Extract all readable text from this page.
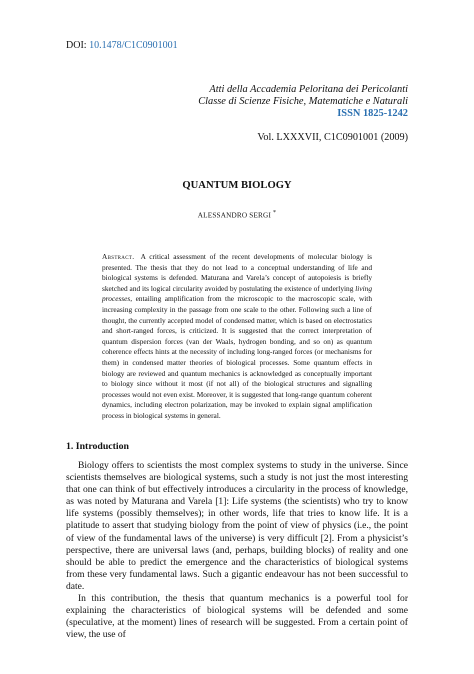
DOI: 10.1478/C1C0901001
Atti della Accademia Peloritana dei Pericolanti
Classe di Scienze Fisiche, Matematiche e Naturali
ISSN 1825-1242
Vol. LXXXVII, C1C0901001 (2009)
QUANTUM BIOLOGY
ALESSANDRO SERGI *
Abstract. A critical assessment of the recent developments of molecular biology is presented. The thesis that they do not lead to a conceptual understanding of life and biological systems is defended. Maturana and Varela’s concept of autopoiesis is briefly sketched and its logical circularity avoided by postulating the existence of underlying living processes, entailing amplification from the microscopic to the macroscopic scale, with increasing complexity in the passage from one scale to the other. Following such a line of thought, the currently accepted model of condensed matter, which is based on electrostatics and short-ranged forces, is criticized. It is suggested that the correct interpretation of quantum dispersion forces (van der Waals, hydrogen bonding, and so on) as quantum coherence effects hints at the necessity of including long-ranged forces (or mechanisms for them) in condensed matter theories of biological processes. Some quantum effects in biology are reviewed and quantum mechanics is acknowledged as conceptually important to biology since without it most (if not all) of the biological structures and signalling processes would not even exist. Moreover, it is suggested that long-range quantum coherent dynamics, including electron polarization, may be invoked to explain signal amplification process in biological systems in general.
1. Introduction

Biology offers to scientists the most complex systems to study in the universe. Since scientists themselves are biological systems, such a study is not just the most interesting that one can think of but effectively introduces a circularity in the process of knowledge, as was noted by Maturana and Varela [1]: Life systems (the scientists) who try to know life systems (possibly themselves); in other words, life that tries to know life. It is a platitude to assert that studying biology from the point of view of physics (i.e., the point of view of the fundamental laws of the universe) is very difficult [2]. From a physicist’s perspective, there are universal laws (and, perhaps, building blocks) of reality and one should be able to predict the emergence and the characteristics of biological systems from these very fundamental laws. Such a gigantic endeavour has not been successful to date.

In this contribution, the thesis that quantum mechanics is a powerful tool for explaining the characteristics of biological systems will be defended and some (speculative, at the moment) lines of research will be suggested. From a certain point of view, the use of
